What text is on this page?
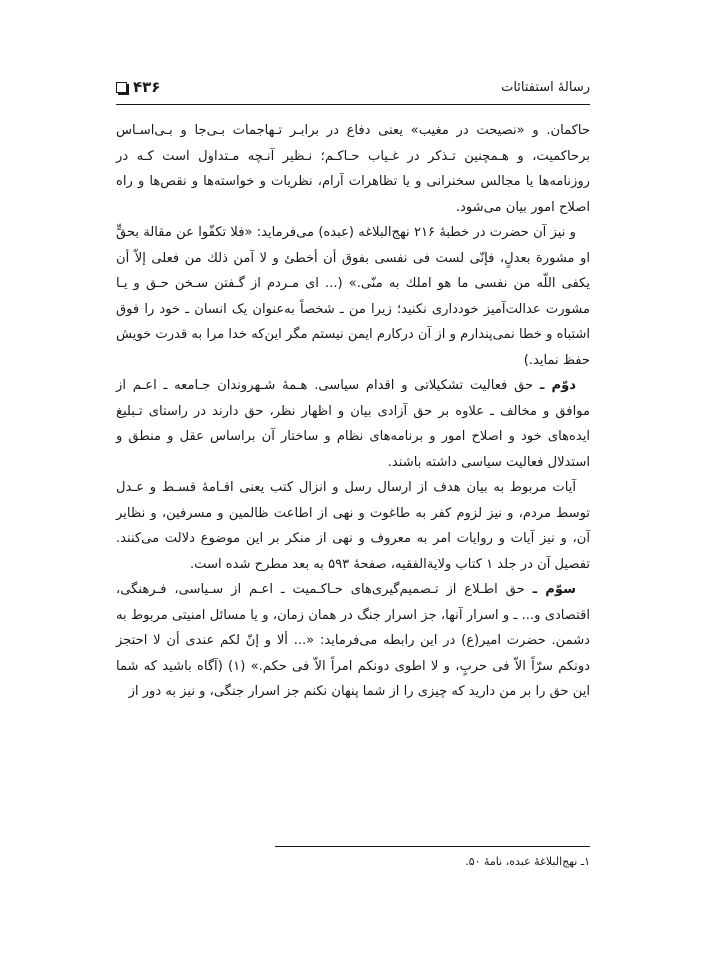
۴۳۶	رسالهٔ استفتائات

حاکمان. و «نصیحت در مغیب» یعنی دفاع در برابـر تـهاجمات بـی‌جا و بـی‌اسـاس برحاکمیت، و هـمچنین تـذکر در غـیاب حـاکـم؛ نـظیر آنـچه مـتداول است کـه در روزنامه‌ها یا مجالس سخنرانی و یا تظاهرات آرام، نظریات و خواسته‌ها و نقص‌ها و راه اصلاح امور بیان می‌شود.

و نیز آن حضرت در خطبهٔ ۲۱۶ نهج‌البلاغه (عبده) می‌فرماید: «فلا تکفّوا عن مقالة بحقٍّ او مشورة بعدلٍ، فإنّی لست فی نفسی بفوق أن أخطئ و لا آمن ذلك من فعلی إلاّ أن یكفی اللّه من نفسی ما هو املك به منّی.» (... ای مـردم از گـفتن سـخن حـق و یـا مشورت عدالت‌آمیز خودداری نکنید؛ زیرا من ـ شخصاً به‌عنوان یک انسان ـ خود را فوق اشتباه و خطا نمی‌پندارم و از آن درکارم ایمن نیستم مگر این‌که خدا مرا به قدرت خویش حفظ نماید.)

دوّم ـ حق فعالیت تشکیلاتی و اقدام سیاسی. هـمهٔ شـهروندان جـامعه ـ اعـم از موافق و مخالف ـ علاوه بر حق آزادی بیان و اظهار نظر، حق دارند در راستای تـبلیغ ایده‌های خود و اصلاح امور و برنامه‌های نظام و ساختار آن براساس عقل و منطق و استدلال فعالیت سیاسی داشته باشند.

آیات مربوط به بیان هدف از ارسال رسل و انزال کتب یعنی اقـامهٔ قسـط و عـدل توسط مردم، و نیز لزوم کفر به طاغوت و نهی از اطاعت ظالمین و مسرفین، و نظایر آن، و نیز آیات و روایات امر به معروف و نهی از منکر بر این موضوع دلالت می‌کنند. تفصیل آن در جلد ۱ کتاب ولایة‌الفقیه، صفحهٔ ۵۹۳ به بعد مطرح شده است.

سوّم ـ حق اطـلاع از تـصمیم‌گیری‌های حـاکـمیت ـ اعـم از سـیاسی، فـرهنگی، اقتصادی و... ـ و اسرار آنها، جز اسرار جنگ در همان زمان، و یا مسائل امنیتی مربوط به دشمن. حضرت امیر(ع) در این رابطه می‌فرماید: «... ألا و إنّ لکم عندی أن لا احتجز دونکم سرّاً الاّ فی حربٍ، و لا اطوی دونکم امراً الاّ فی حکم.» (۱) (آگاه باشید که شما این حق را بر من دارید که چیزی را از شما پنهان نکنم جز اسرار جنگی، و نیز به دور از

۱ـ نهج‌البلاغهٔ عبده، نامهٔ ۵۰.
